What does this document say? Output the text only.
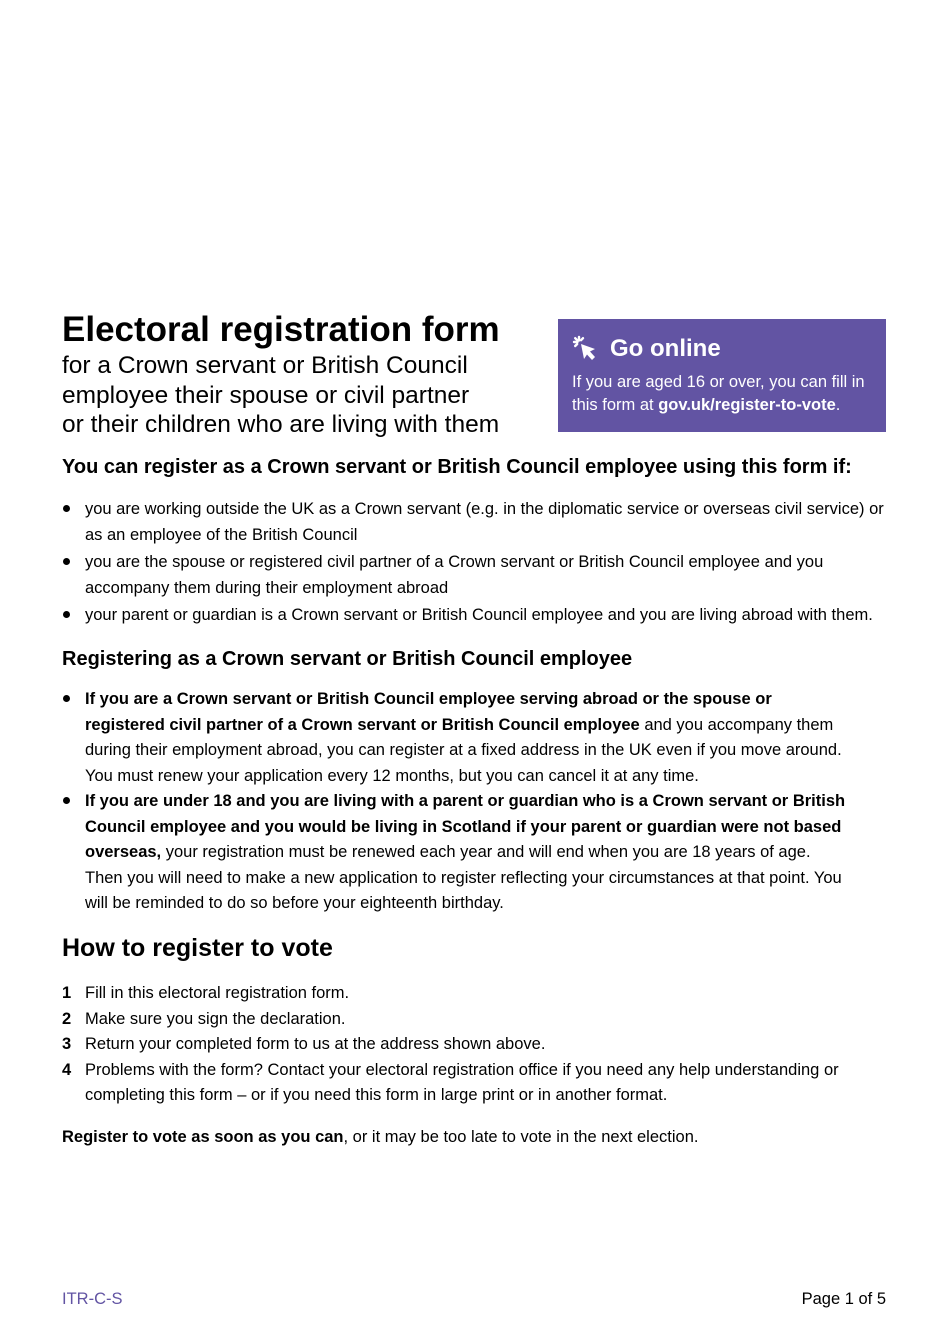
Electoral registration form

for a Crown servant or British Council

employee their spouse or civil partner

or their children who are living with them

Go online
If you are aged 16 or over, you can fill in this form at gov.uk/register-to-vote.
You can register as a Crown servant or British Council employee using this form if:
you are working outside the UK as a Crown servant (e.g. in the diplomatic service or overseas civil service) or as an employee of the British Council
you are the spouse or registered civil partner of a Crown servant or British Council employee and you accompany them during their employment abroad
your parent or guardian is a Crown servant or British Council employee and you are living abroad with them.
Registering as a Crown servant or British Council employee
If you are a Crown servant or British Council employee serving abroad or the spouse or registered civil partner of a Crown servant or British Council employee and you accompany them during their employment abroad, you can register at a fixed address in the UK even if you move around. You must renew your application every 12 months, but you can cancel it at any time.
If you are under 18 and you are living with a parent or guardian who is a Crown servant or British Council employee and you would be living in Scotland if your parent or guardian were not based overseas, your registration must be renewed each year and will end when you are 18 years of age. Then you will need to make a new application to register reflecting your circumstances at that point. You will be reminded to do so before your eighteenth birthday.
How to register to vote
1 Fill in this electoral registration form.
2 Make sure you sign the declaration.
3 Return your completed form to us at the address shown above.
4 Problems with the form? Contact your electoral registration office if you need any help understanding or completing this form – or if you need this form in large print or in another format.

Register to vote as soon as you can, or it may be too late to vote in the next election.

ITR-C-S	Page 1 of 5
